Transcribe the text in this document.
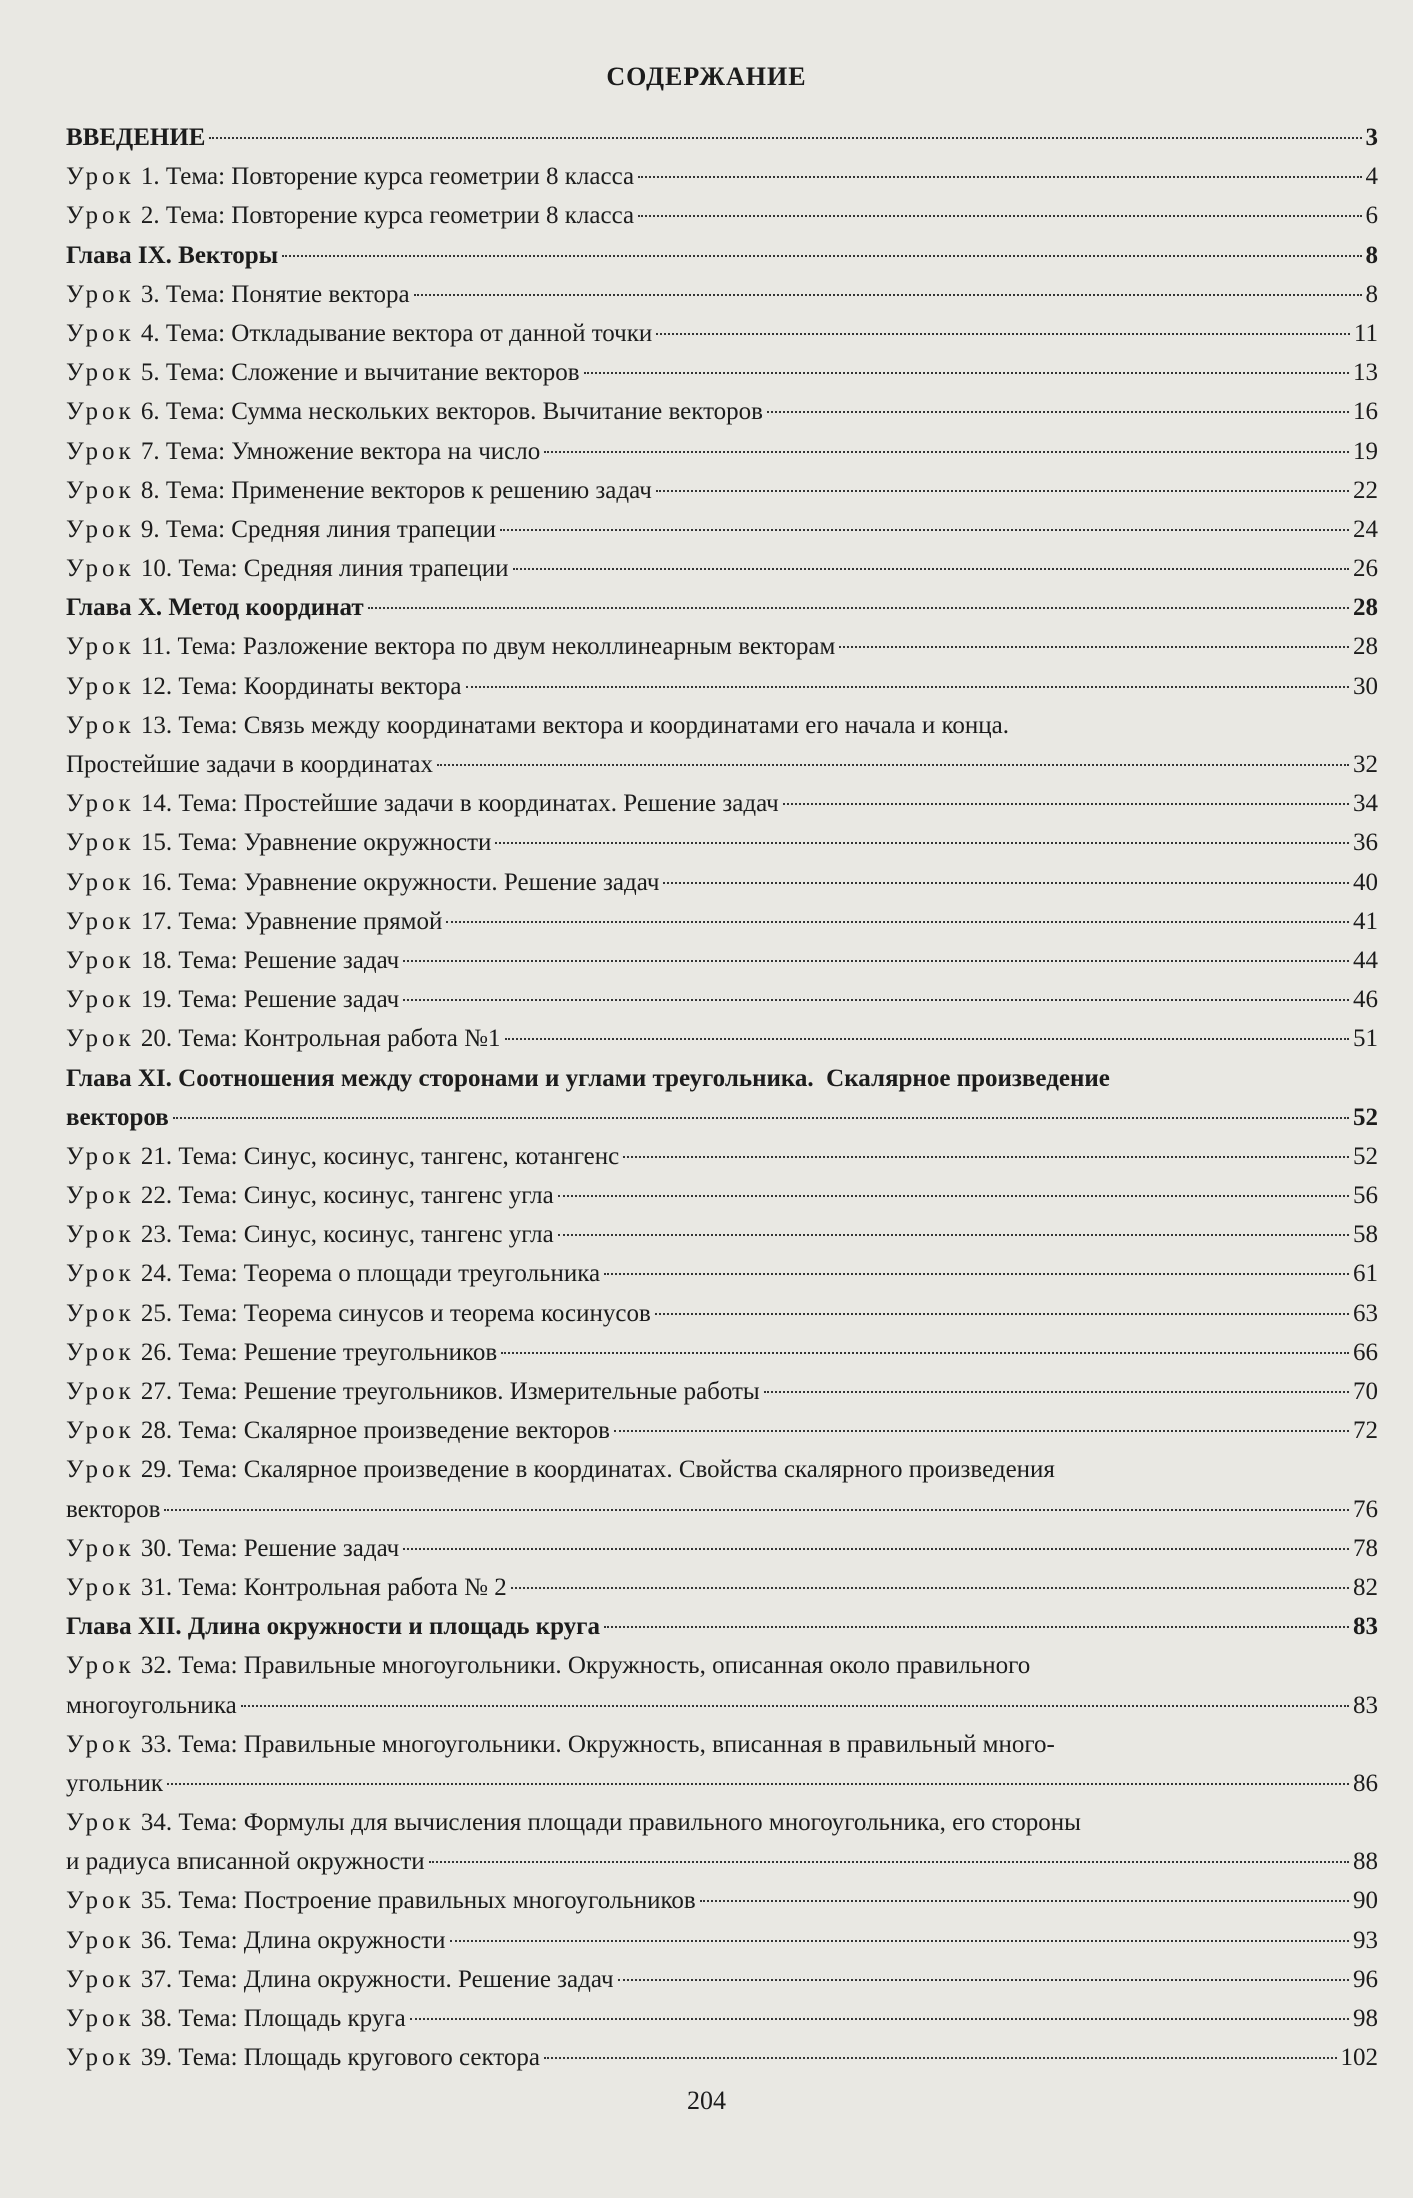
СОДЕРЖАНИЕ
ВВЕДЕНИЕ	3
Урок 1. Тема: Повторение курса геометрии 8 класса	4
Урок 2. Тема: Повторение курса геометрии 8 класса	6
Глава IX. Векторы	8
Урок 3. Тема: Понятие вектора	8
Урок 4. Тема: Откладывание вектора от данной точки	11
Урок 5. Тема: Сложение и вычитание векторов	13
Урок 6. Тема: Сумма нескольких векторов. Вычитание векторов	16
Урок 7. Тема: Умножение вектора на число	19
Урок 8. Тема: Применение векторов к решению задач	22
Урок 9. Тема: Средняя линия трапеции	24
Урок 10. Тема: Средняя линия трапеции	26
Глава X. Метод координат	28
Урок 11. Тема: Разложение вектора по двум неколлинеарным векторам	28
Урок 12. Тема: Координаты вектора	30
Урок 13. Тема: Связь между координатами вектора и координатами его начала и конца.
Простейшие задачи в координатах	32
Урок 14. Тема: Простейшие задачи в координатах. Решение задач	34
Урок 15. Тема: Уравнение окружности	36
Урок 16. Тема: Уравнение окружности. Решение задач	40
Урок 17. Тема: Уравнение прямой	41
Урок 18. Тема: Решение задач	44
Урок 19. Тема: Решение задач	46
Урок 20. Тема: Контрольная работа №1	51
Глава XI. Соотношения между сторонами и углами треугольника.  Скалярное произведение
векторов	52
Урок 21. Тема: Синус, косинус, тангенс, котангенс	52
Урок 22. Тема: Синус, косинус, тангенс угла	56
Урок 23. Тема: Синус, косинус, тангенс угла	58
Урок 24. Тема: Теорема о площади треугольника	61
Урок 25. Тема: Теорема синусов и теорема косинусов	63
Урок 26. Тема: Решение треугольников	66
Урок 27. Тема: Решение треугольников. Измерительные работы	70
Урок 28. Тема: Скалярное произведение векторов	72
Урок 29. Тема: Скалярное произведение в координатах. Свойства скалярного произведения
векторов	76
Урок 30. Тема: Решение задач	78
Урок 31. Тема: Контрольная работа № 2	82
Глава XII. Длина окружности и площадь круга	83
Урок 32. Тема: Правильные многоугольники. Окружность, описанная около правильного
многоугольника	83
Урок 33. Тема: Правильные многоугольники. Окружность, вписанная в правильный много-
угольник	86
Урок 34. Тема: Формулы для вычисления площади правильного многоугольника, его стороны
и радиуса вписанной окружности	88
Урок 35. Тема: Построение правильных многоугольников	90
Урок 36. Тема: Длина окружности	93
Урок 37. Тема: Длина окружности. Решение задач	96
Урок 38. Тема: Площадь круга	98
Урок 39. Тема: Площадь кругового сектора	102
204
